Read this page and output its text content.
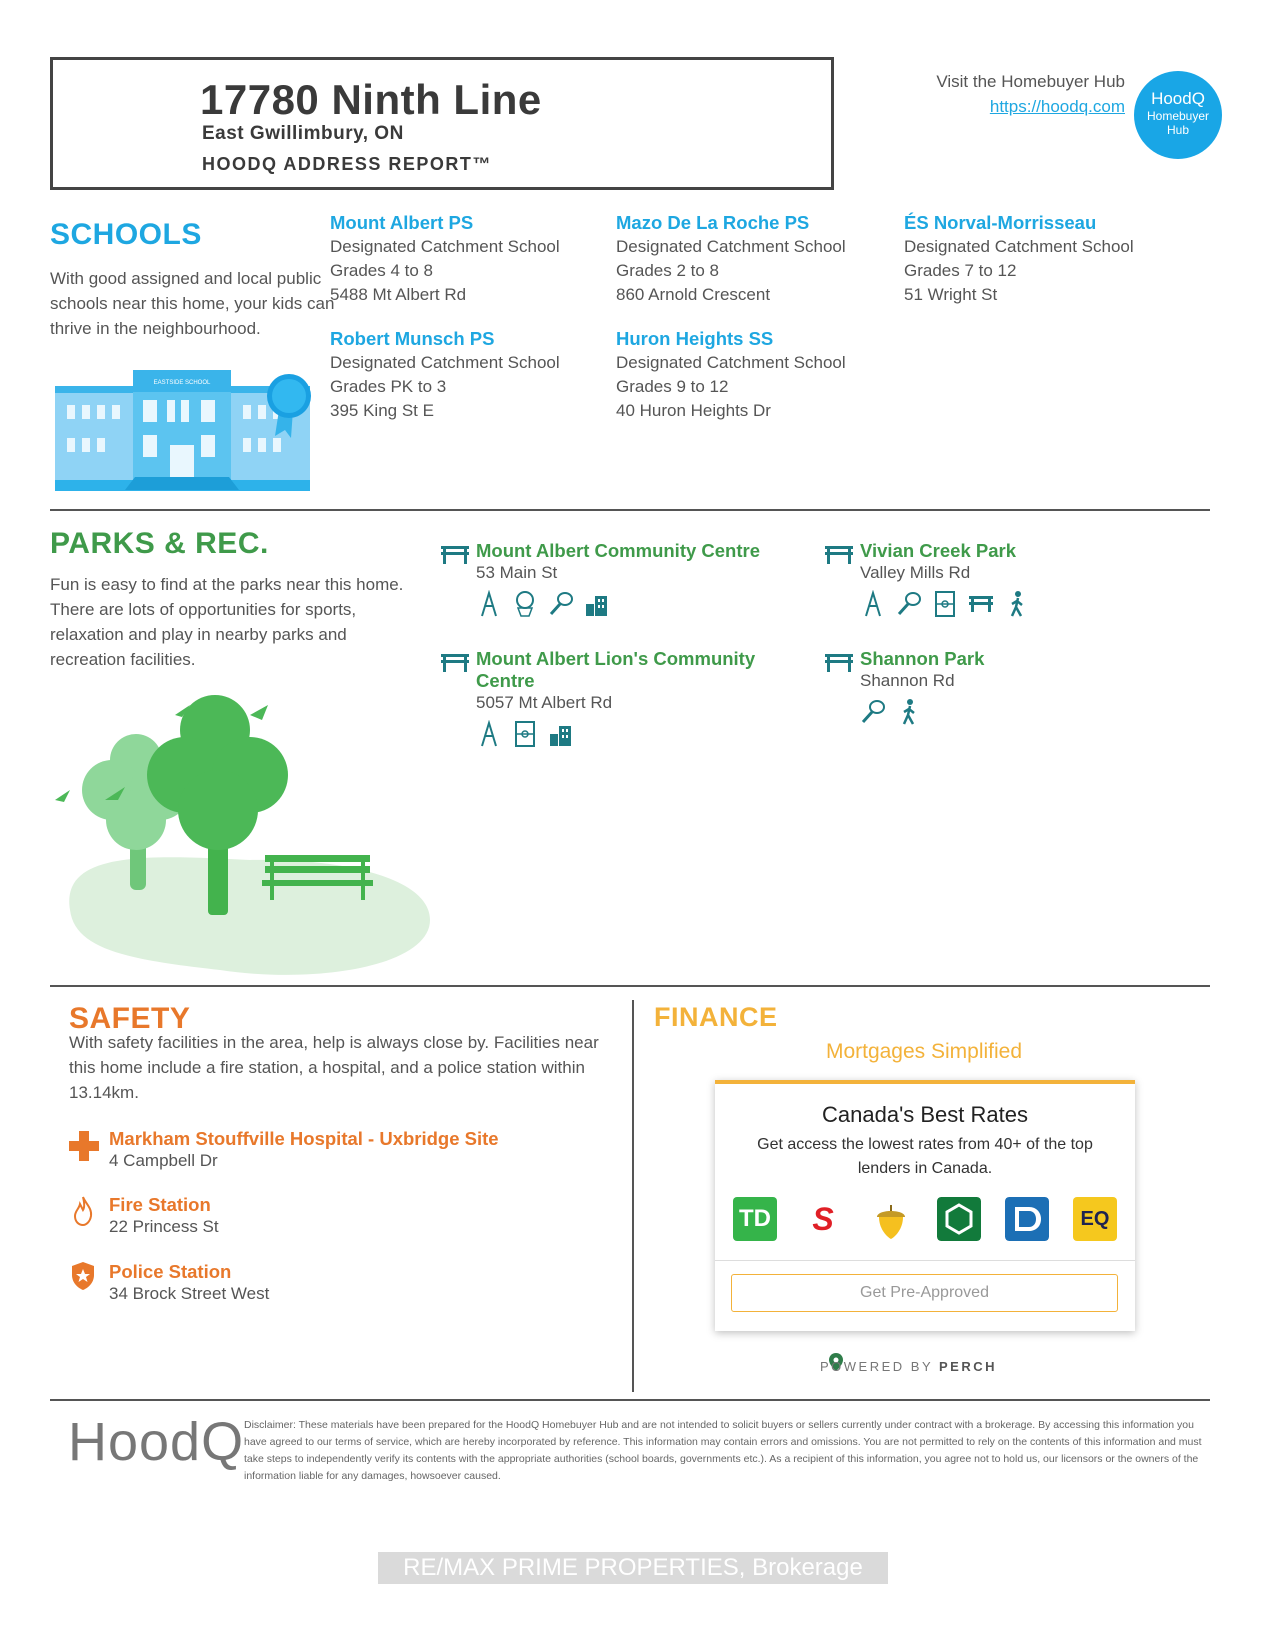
17780 Ninth Line
East Gwillimbury, ON
HOODQ ADDRESS REPORT™
Visit the Homebuyer Hub
https://hoodq.com	HoodQ
Homebuyer
Hub
SCHOOLS
With good assigned and local public schools near this home, your kids can thrive in the neighbourhood.
EASTSIDE SCHOOL
Mount Albert PS
Designated Catchment School
Grades 4 to 8
5488 Mt Albert Rd
Mazo De La Roche PS
Designated Catchment School
Grades 2 to 8
860 Arnold Crescent
ÉS Norval-Morrisseau
Designated Catchment School
Grades 7 to 12
51 Wright St
Robert Munsch PS
Designated Catchment School
Grades PK to 3
395 King St E
Huron Heights SS
Designated Catchment School
Grades 9 to 12
40 Huron Heights Dr
PARKS & REC.
Fun is easy to find at the parks near this home. There are lots of opportunities for sports, relaxation and play in nearby parks and recreation facilities.
Mount Albert Community Centre
53 Main St
Vivian Creek Park
Valley Mills Rd
Mount Albert Lion's Community Centre
5057 Mt Albert Rd
Shannon Park
Shannon Rd
SAFETY
With safety facilities in the area, help is always close by. Facilities near this home include a fire station, a hospital, and a police station within 13.14km.
Markham Stouffville Hospital - Uxbridge Site
4 Campbell Dr
Fire Station
22 Princess St
Police Station
34 Brock Street West
FINANCE
Mortgages Simplified
Canada's Best Rates
Get access the lowest rates from 40+ of the top lenders in Canada.
TD	S	EQ
Get Pre-Approved
POWERED BY PERCH
HoodQ Disclaimer: These materials have been prepared for the HoodQ Homebuyer Hub and are not intended to solicit buyers or sellers currently under contract with a brokerage. By accessing this information you have agreed to our terms of service, which are hereby incorporated by reference. This information may contain errors and omissions. You are not permitted to rely on the contents of this information and must take steps to independently verify its contents with the appropriate authorities (school boards, governments etc.). As a recipient of this information, you agree not to hold us, our licensors or the owners of the information liable for any damages, howsoever caused.
RE/MAX PRIME PROPERTIES, Brokerage
